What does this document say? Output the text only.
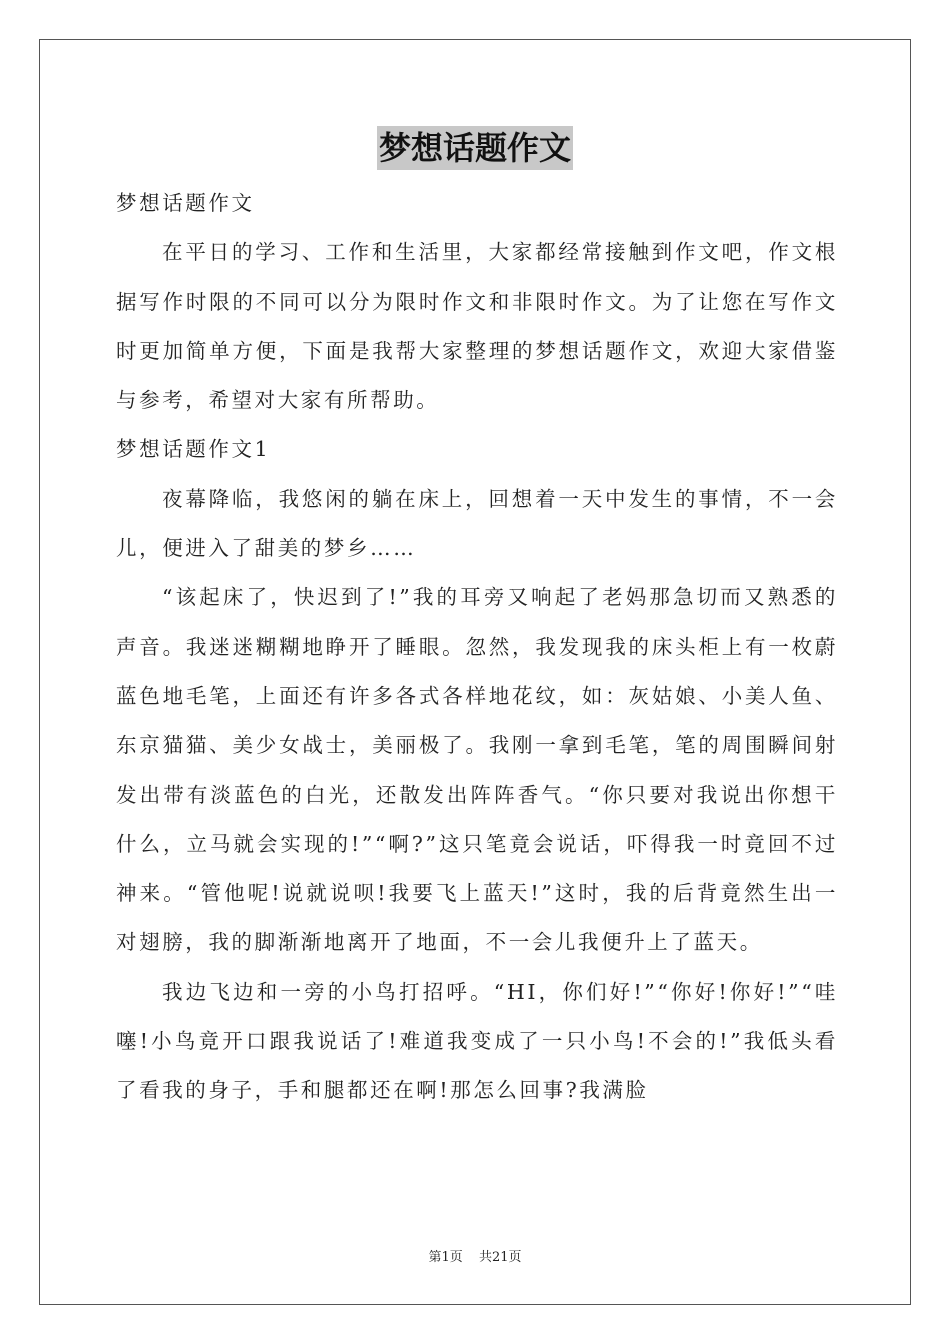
梦想话题作文

梦想话题作文

在平日的学习、工作和生活里，大家都经常接触到作文吧，作文根据写作时限的不同可以分为限时作文和非限时作文。为了让您在写作文时更加简单方便，下面是我帮大家整理的梦想话题作文，欢迎大家借鉴与参考，希望对大家有所帮助。

梦想话题作文1

夜幕降临，我悠闲的躺在床上，回想着一天中发生的事情，不一会儿，便进入了甜美的梦乡……

“该起床了，快迟到了!”我的耳旁又响起了老妈那急切而又熟悉的声音。我迷迷糊糊地睁开了睡眼。忽然，我发现我的床头柜上有一枚蔚蓝色地毛笔，上面还有许多各式各样地花纹，如：灰姑娘、小美人鱼、东京猫猫、美少女战士，美丽极了。我刚一拿到毛笔，笔的周围瞬间射发出带有淡蓝色的白光，还散发出阵阵香气。“你只要对我说出你想干什么，立马就会实现的!”“啊?”这只笔竟会说话，吓得我一时竟回不过神来。“管他呢!说就说呗!我要飞上蓝天!”这时，我的后背竟然生出一对翅膀，我的脚渐渐地离开了地面，不一会儿我便升上了蓝天。

我边飞边和一旁的小鸟打招呼。“HI，你们好!”“你好!你好!”“哇噻!小鸟竟开口跟我说话了!难道我变成了一只小鸟!不会的!”我低头看了看我的身子，手和腿都还在啊!那怎么回事?我满脸

第1页 共21页
